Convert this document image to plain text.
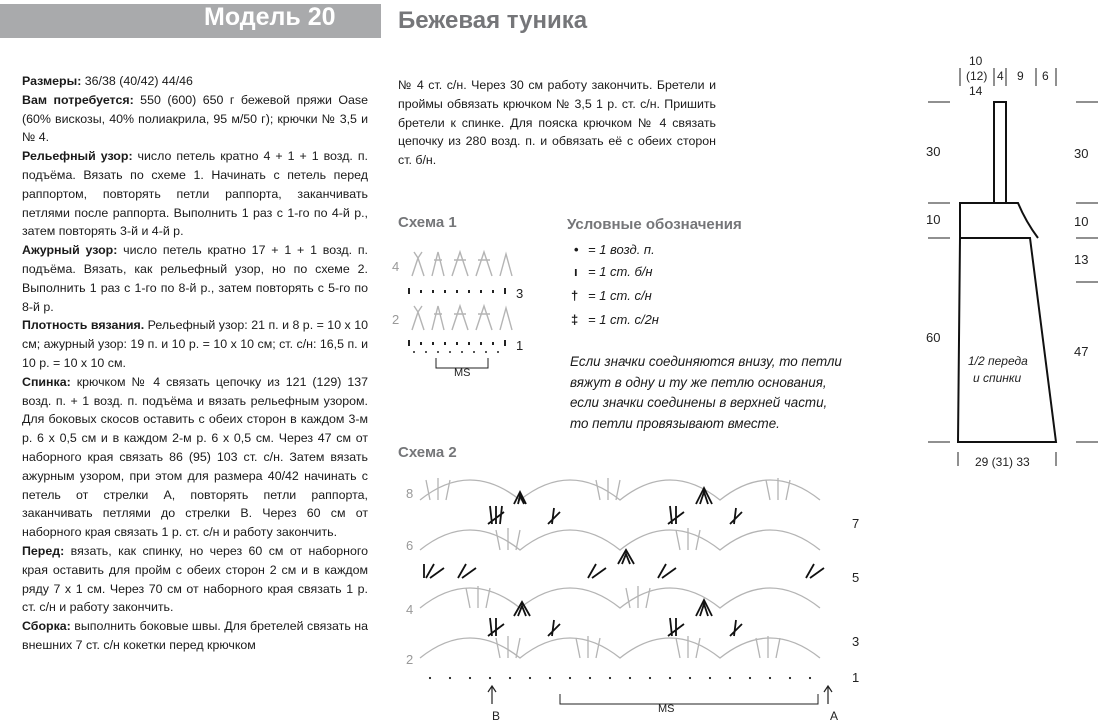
Модель 20	Бежевая туника

Размеры: 36/38 (40/42) 44/46

Вам потребуется: 550 (600) 650 г бежевой пряжи Oase (60% вискозы, 40% полиакрила, 95 м/50 г); крючки № 3,5 и № 4.

Рельефный узор: число петель кратно 4 + 1 + 1 возд. п. подъёма. Вязать по схеме 1. Начинать с петель перед раппортом, повторять петли раппорта, заканчивать петлями после раппорта. Выполнить 1 раз с 1-го по 4-й р., затем повторять 3-й и 4-й р.

Ажурный узор: число петель кратно 17 + 1 + 1 возд. п. подъёма. Вязать, как рельефный узор, но по схеме 2. Выполнить 1 раз с 1-го по 8-й р., затем повторять с 5-го по 8-й р.

Плотность вязания. Рельефный узор: 21 п. и 8 р. = 10 x 10 см; ажурный узор: 19 п. и 10 р. = 10 x 10 см; ст. с/н: 16,5 п. и 10 р. = 10 x 10 см.

Спинка: крючком № 4 связать цепочку из 121 (129) 137 возд. п. + 1 возд. п. подъёма и вязать рельефным узором. Для боковых скосов оставить с обеих сторон в каждом 3-м р. 6 x 0,5 см и в каждом 2-м р. 6 x 0,5 см. Через 47 см от наборного края связать 86 (95) 103 ст. с/н. Затем вязать ажурным узором, при этом для размера 40/42 начинать с петель от стрелки А, повторять петли раппорта, заканчивать петлями до стрелки В. Через 60 см от наборного края связать 1 р. ст. с/н и работу закончить.

Перед: вязать, как спинку, но через 60 см от наборного края оставить для пройм с обеих сторон 2 см и в каждом ряду 7 x 1 см. Через 70 см от наборного края связать 1 р. ст. с/н и работу закончить.

Сборка: выполнить боковые швы. Для бретелей связать на внешних 7 ст. с/н кокетки перед крючком

№ 4 ст. с/н. Через 30 см работу закончить. Бретели и проймы обвязать крючком № 3,5 1 р. ст. с/н. Пришить бретели к спинке. Для пояска крючком № 4 связать цепочку из 280 возд. п. и обвязать её с обеих сторон ст. б/н.

Схема 1
4
3
2
1
MS
Условные обозначения
• = 1 возд. п.
ı = 1 ст. б/н
† = 1 ст. с/н
‡ = 1 ст. с/2н

Если значки соединяются внизу, то петли

вяжут в одну и ту же петлю основания,

если значки соединены в верхней части,

то петли провязывают вместе.

Схема 2
MS
B	A
8
7
6
5
4
3
2
1
10
(12)
14
4 9 6
30
10
60
30
10
13
47
1/2 переда
и спинки
29 (31) 33
